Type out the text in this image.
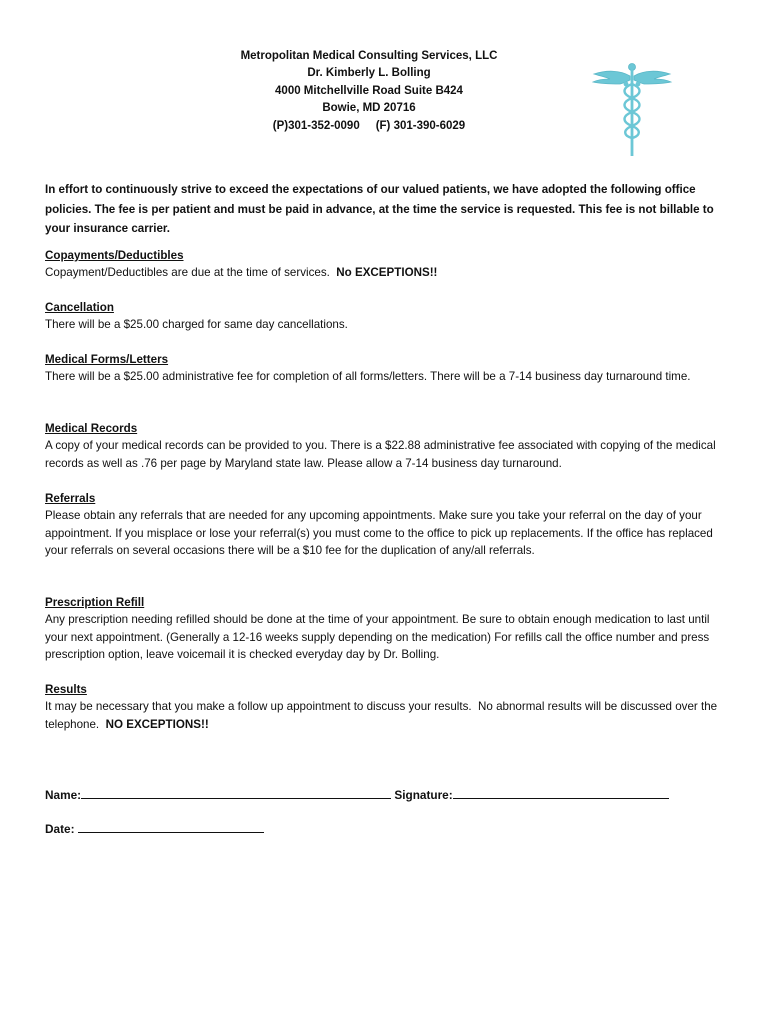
Metropolitan Medical Consulting Services, LLC
Dr. Kimberly L. Bolling
4000 Mitchellville Road Suite B424
Bowie, MD 20716
(P)301-352-0090     (F) 301-390-6029
In effort to continuously strive to exceed the expectations of our valued patients, we have adopted the following office policies. The fee is per patient and must be paid in advance, at the time the service is requested. This fee is not billable to your insurance carrier.
Copayments/Deductibles
Copayment/Deductibles are due at the time of services.  No EXCEPTIONS!!
Cancellation
There will be a $25.00 charged for same day cancellations.
Medical Forms/Letters
There will be a $25.00 administrative fee for completion of all forms/letters. There will be a 7-14 business day turnaround time.
Medical Records
A copy of your medical records can be provided to you. There is a $22.88 administrative fee associated with copying of the medical records as well as .76 per page by Maryland state law. Please allow a 7-14 business day turnaround.
Referrals
Please obtain any referrals that are needed for any upcoming appointments. Make sure you take your referral on the day of your appointment. If you misplace or lose your referral(s) you must come to the office to pick up replacements. If the office has replaced your referrals on several occasions there will be a $10 fee for the duplication of any/all referrals.
Prescription Refill
Any prescription needing refilled should be done at the time of your appointment. Be sure to obtain enough medication to last until your next appointment. (Generally a 12-16 weeks supply depending on the medication) For refills call the office number and press prescription option, leave voicemail it is checked everyday day by Dr. Bolling.
Results
It may be necessary that you make a follow up appointment to discuss your results.  No abnormal results will be discussed over the telephone.  NO EXCEPTIONS!!
Name:	Signature:
Date:
